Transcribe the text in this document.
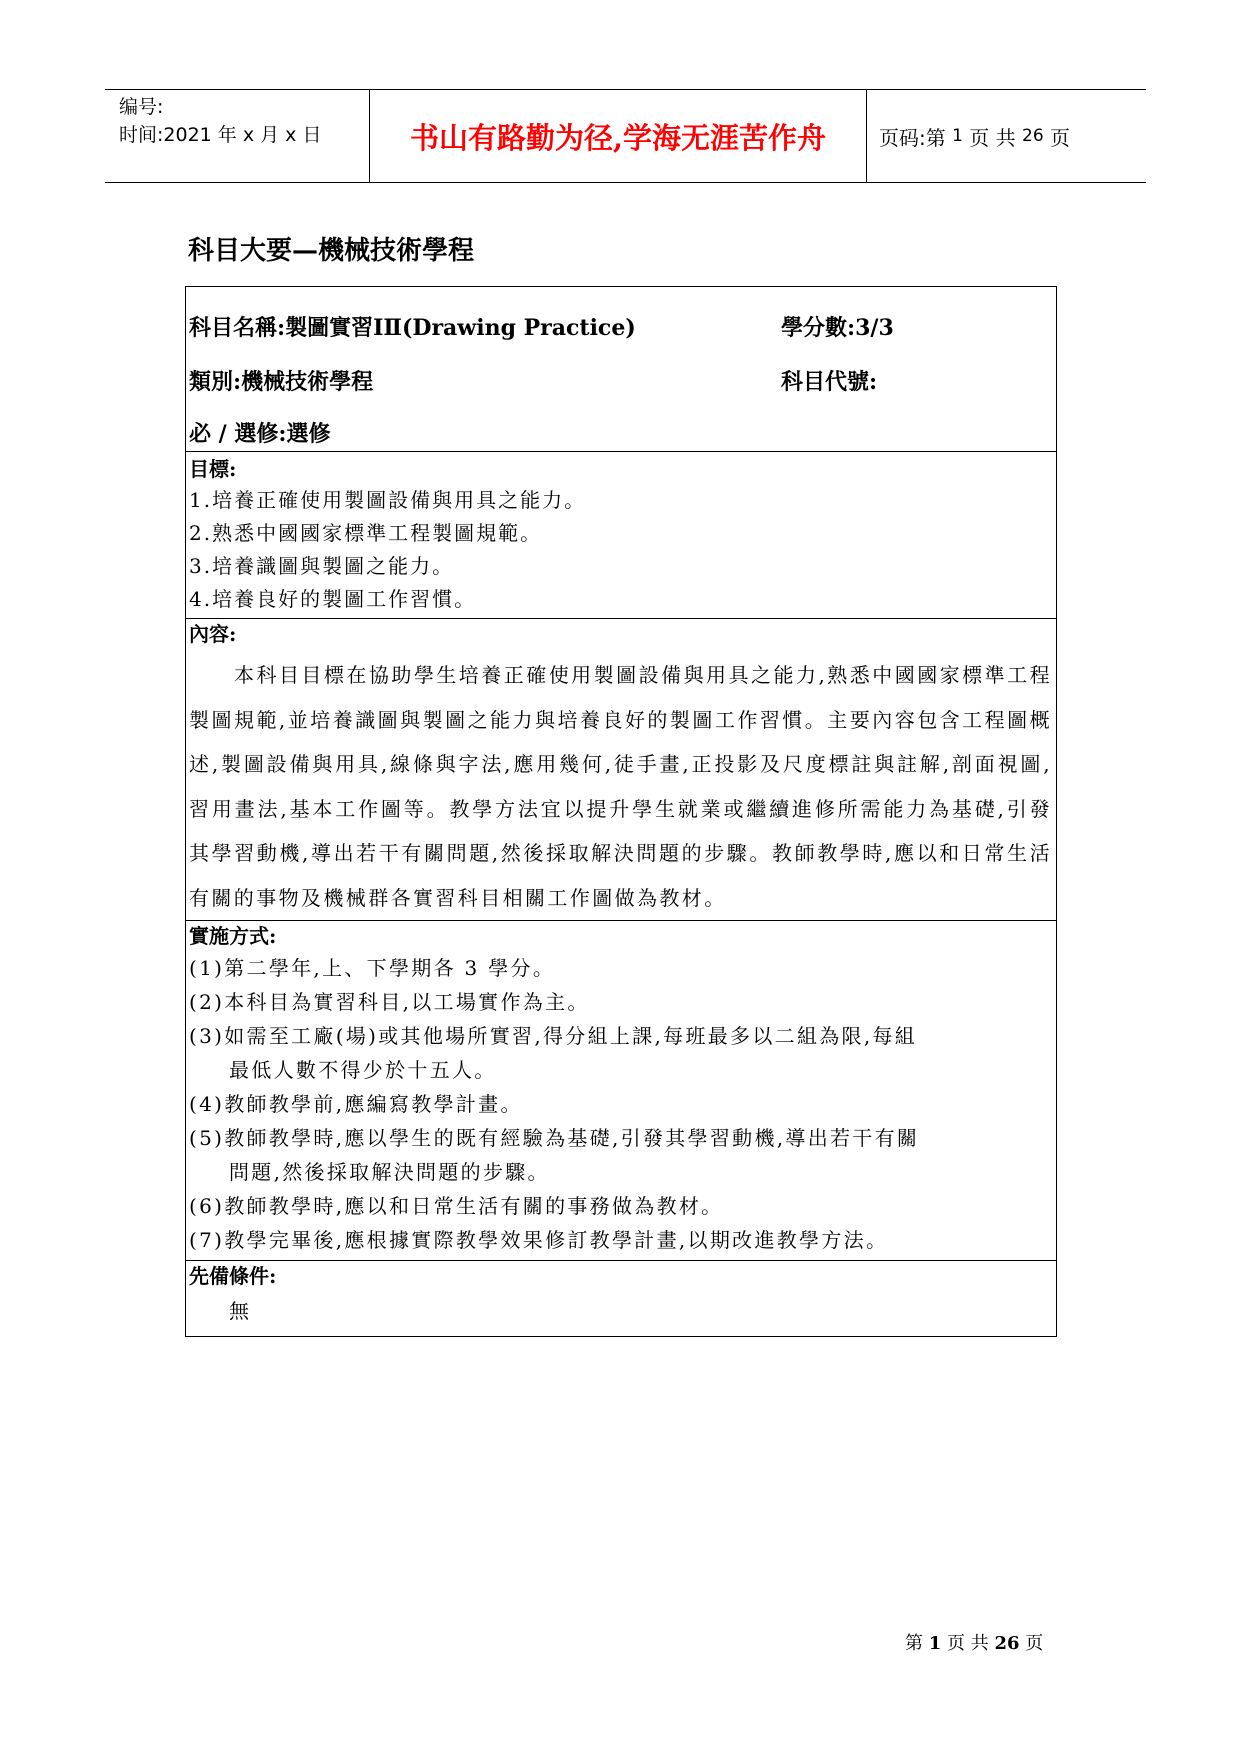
编号:
时间:2021 年 x 月 x 日	书山有路勤为径,学海无涯苦作舟	页码:第
1
页 共
26
页
科目大要—機械技術學程
科目名稱:製圖實習ⅠⅡ(Drawing Practice)	學分數:3/3
類別:機械技術學程	科目代號:
必 / 選修:選修
目標:
1.培養正確使用製圖設備與用具之能力。
2.熟悉中國國家標準工程製圖規範。
3.培養識圖與製圖之能力。
4.培養良好的製圖工作習慣。
內容:
本科目目標在協助學生培養正確使用製圖設備與用具之能力,熟悉中國國家標準工程製圖規範,並培養識圖與製圖之能力與培養良好的製圖工作習慣。主要內容包含工程圖概述,製圖設備與用具,線條與字法,應用幾何,徒手畫,正投影及尺度標註與註解,剖面視圖,習用畫法,基本工作圖等。教學方法宜以提升學生就業或繼續進修所需能力為基礎,引發其學習動機,導出若干有關問題,然後採取解決問題的步驟。教師教學時,應以和日常生活有關的事物及機械群各實習科目相關工作圖做為教材。
實施方式:
(1)第二學年,上、下學期各 3 學分。
(2)本科目為實習科目,以工場實作為主。
(3)如需至工廠(場)或其他場所實習,得分組上課,每班最多以二組為限,每組
最低人數不得少於十五人。
(4)教師教學前,應編寫教學計畫。
(5)教師教學時,應以學生的既有經驗為基礎,引發其學習動機,導出若干有關
問題,然後採取解決問題的步驟。
(6)教師教學時,應以和日常生活有關的事務做為教材。
(7)教學完畢後,應根據實際教學效果修訂教學計畫,以期改進教學方法。
先備條件:
無
第 1 页 共 26 页
